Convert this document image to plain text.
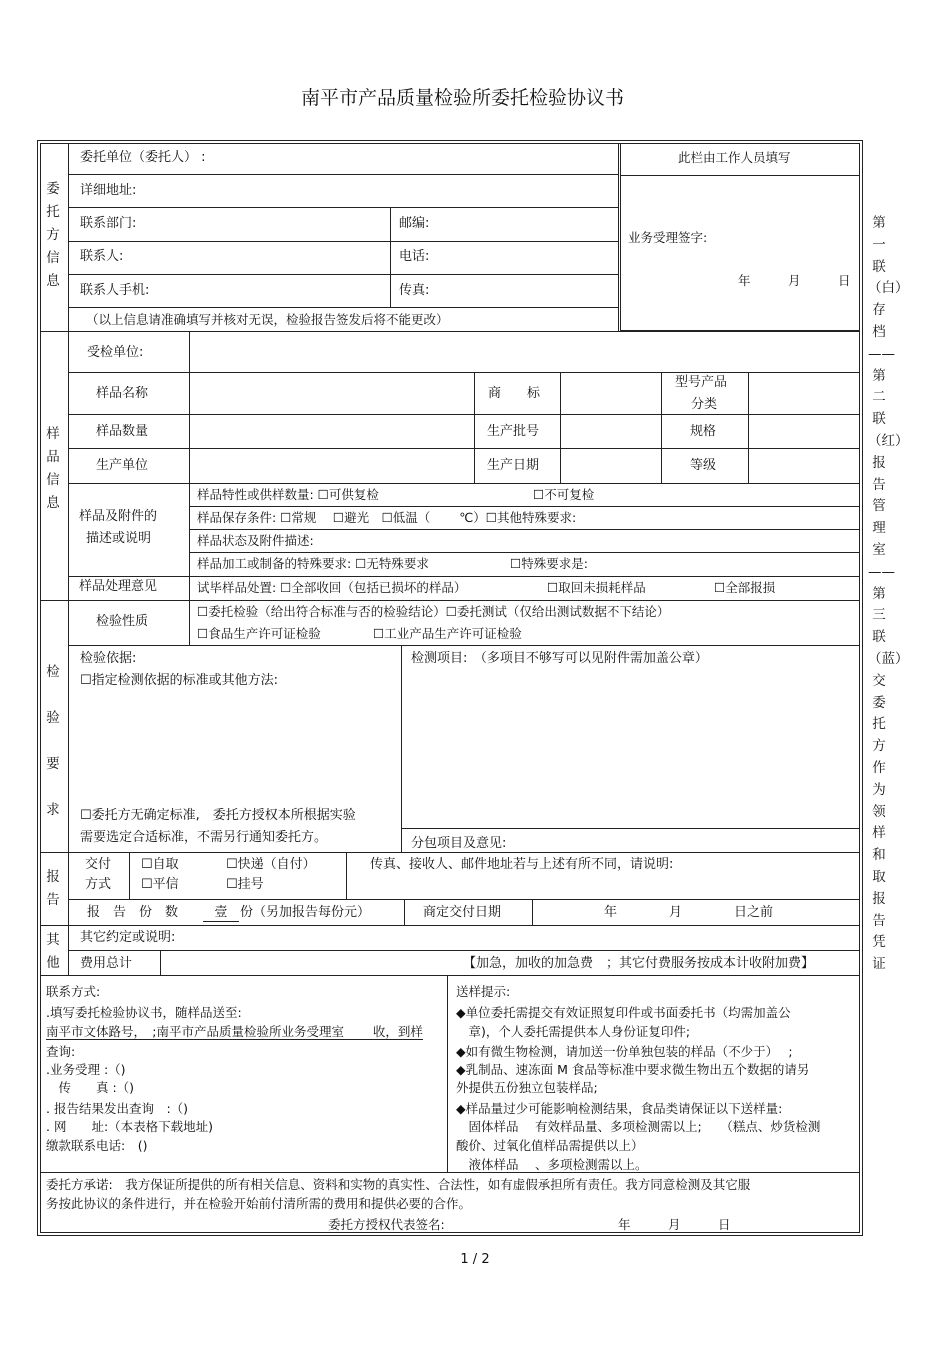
南平市产品质量检验所委托检验协议书
委托方信息
委托单位（委托人） :
详细地址:
联系部门:	邮编:
联系人:	电话:
联系人手机:	传真:
（以上信息请准确填写并核对无误，检验报告签发后将不能更改）
此栏由工作人员填写
业务受理签字:
年　　　月　　　日
样品信息
受检单位:
样品名称	商　　标
型号产品
分类
样品数量	生产批号	规格
生产单位	生产日期	等级
样品及附件的
描述或说明
样品特性或供样数量: ☐可供复检	☐不可复检
样品保存条件: ☐常规　 ☐避光　☐低温（　　 ℃）☐其他特殊要求:
样品状态及附件描述:
样品加工或制备的特殊要求: ☐无特殊要求	☐特殊要求是:
样品处理意见	试毕样品处置: ☐全部收回（包括已损坏的样品）	☐取回未损耗样品	☐全部报损
检验要求
检验性质
☐委托检验（给出符合标准与否的检验结论）☐委托测试（仅给出测试数据不下结论）
☐食品生产许可证检验	☐工业产品生产许可证检验
检验依据:
☐指定检测依据的标准或其他方法:
☐委托方无确定标准,　委托方授权本所根据实验
需要选定合适标准，不需另行通知委托方。
检测项目:　（多项目不够写可以见附件需加盖公章）
分包项目及意见:
报告
交付
方式
☐自取	☐快递（自付）
☐平信	☐挂号
传真、接收人、邮件地址若与上述有所不同，请说明:
报　告　份　数	壹 份（另加报告每份元）	商定交付日期	年　　　　月　　　　日之前
其他
其它约定或说明:
费用总计	【加急，加收的加急费　；其它付费服务按成本计收附加费】
联系方式:
.填写委托检验协议书，随样品送至:
南平市文体路号，　;南平市产品质量检验所业务受理室　　 收，到样
查询:
.业务受理 :（)
　传　　真 :（)
. 报告结果发出查询　:（)
. 网　　址:（本表格下载地址)
缴款联系电话:　()
送样提示:
◆单位委托需提交有效证照复印件或书面委托书（均需加盖公
　章)，个人委托需提供本人身份证复印件;
◆如有微生物检测，请加送一份单独包装的样品（不少于）　 ;
◆乳制品、速冻面 M 食品等标准中要求微生物出五个数据的请另
外提供五份独立包装样品;
◆样品量过少可能影响检测结果，食品类请保证以下送样量:
　固体样品　 有效样品量、多项检测需以上;　　（糕点、炒货检测
酸价、过氧化值样品需提供以上）
　液体样品　 、多项检测需以上。
委托方承诺:　我方保证所提供的所有相关信息、资料和实物的真实性、合法性，如有虚假承担所有责任。我方同意检测及其它服
务按此协议的条件进行，并在检验开始前付清所需的费用和提供必要的合作。
委托方授权代表签名:	年　　　月　　　日
第一联（白）存档——第二联（红）报告管理室——第三联（蓝）交委托方作为领样和取报告凭证
1 / 2
